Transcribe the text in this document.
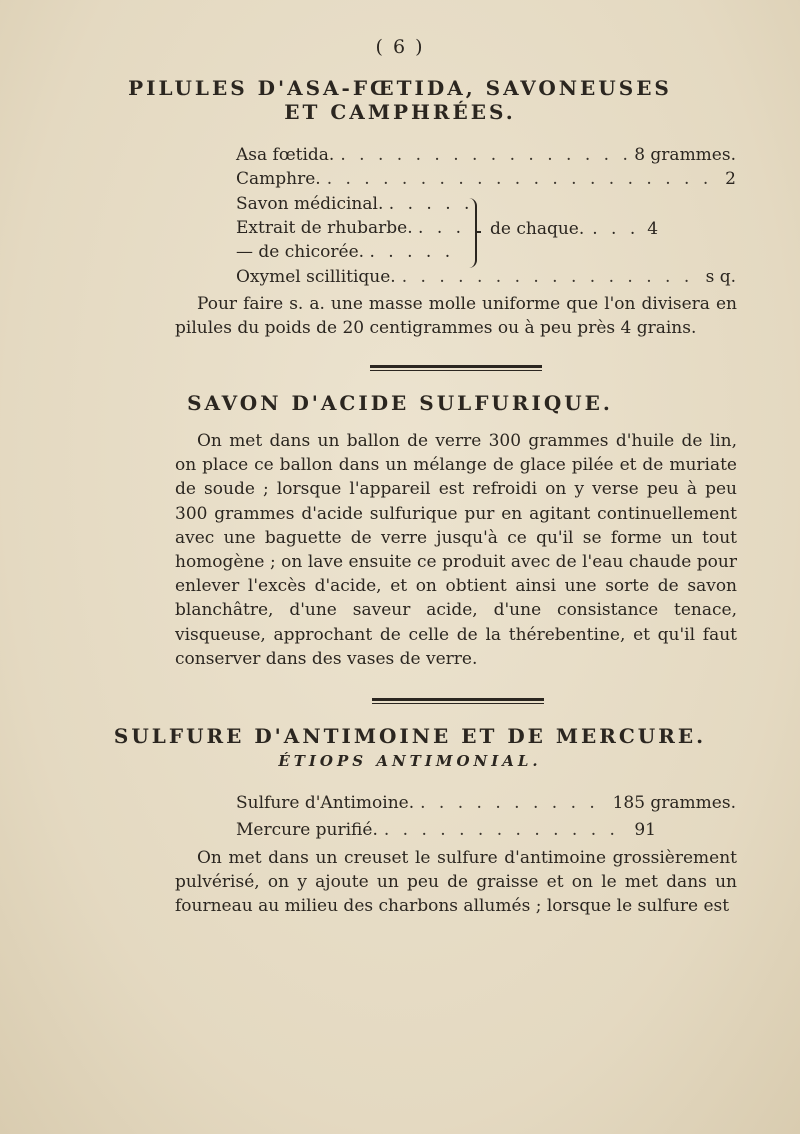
( 6 )
PILULES D'ASA-FŒTIDA, SAVONEUSES
ET CAMPHRÉES.
Asa fœtida. . . .	8 grammes.
Camphre. . . .	2
Savon médicinal. . . . . .
Extrait de rhubarbe. . . .
— de chicorée. . . . . .
de chaque. . . . 4
Oxymel scillitique. . . .	s q.
Pour faire s. a. une masse molle uniforme que l'on divisera en pilules du poids de 20 centigrammes ou à peu près 4 grains.
SAVON D'ACIDE SULFURIQUE.
On met dans un ballon de verre 300 grammes d'huile de lin, on place ce ballon dans un mélange de glace pilée et de muriate de soude ; lorsque l'appareil est refroidi on y verse peu à peu 300 grammes d'acide sulfurique pur en agitant continuellement avec une baguette de verre jusqu'à ce qu'il se forme un tout homogène ; on lave ensuite ce produit avec de l'eau chaude pour enlever l'excès d'acide, et on obtient ainsi une sorte de savon blanchâtre, d'une saveur acide, d'une consistance tenace, visqueuse, approchant de celle de la thérebentine, et qu'il faut conserver dans des vases de verre.
SULFURE D'ANTIMOINE ET DE MERCURE.
ÉTIOPS ANTIMONIAL.
Sulfure d'Antimoine. . . .	185 grammes.
Mercure purifié. . . .	91
On met dans un creuset le sulfure d'antimoine grossièrement pulvérisé, on y ajoute un peu de graisse et on le met dans un fourneau au milieu des charbons allumés ; lorsque le sulfure est
